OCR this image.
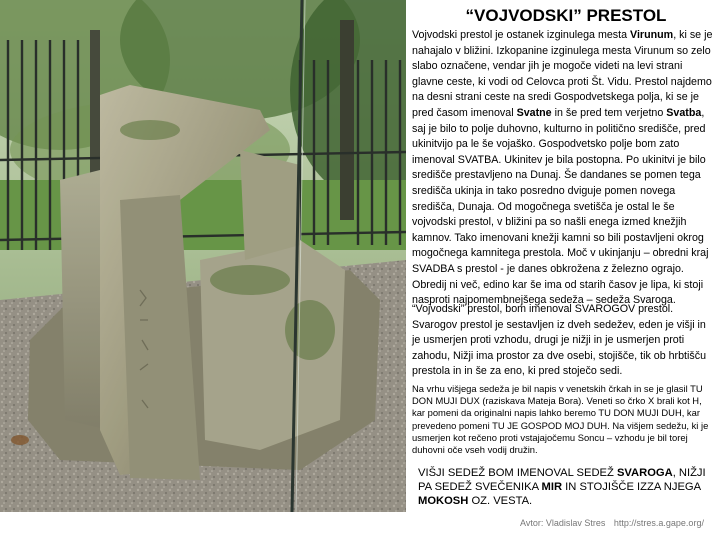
“VOJVODSKI” PRESTOL

Vojvodski prestol je ostanek izginulega mesta Virunum, ki se je nahajalo v bližini. Izkopanine izginulega mesta Virunum so zelo slabo označene, vendar jih je mogoče videti na levi strani glavne ceste, ki vodi od Celovca proti Št. Vidu. Prestol najdemo na desni strani ceste na sredi Gospodvetskega polja, ki se je pred časom imenoval Svatne in še pred tem verjetno Svatba, saj je bilo to polje duhovno, kulturno in politično središče, pred ukinitvijo pa le še vojaško. Gospodvetsko polje bom zato imenoval SVATBA. Ukinitev je bila postopna. Po ukinitvi je bilo središče prestavljeno na Dunaj. Še dandanes se pomen tega središča ukinja in tako posredno dviguje pomen novega središča, Dunaja. Od mogočnega svetišča je ostal le še vojvodski prestol, v bližini pa so našli enega izmed knežjih kamnov. Tako imenovani knežji kamni so bili postavljeni okrog mogočnega kamnitega prestola. Moč v ukinjanju – obredni kraj SVADBA s prestol - je danes obkrožena z železno ograjo. Obredij ni več, edino kar še ima od starih časov je lipa, ki stoji nasproti najpomembnejšega sedeža – sedeža Svaroga.

“Vojvodski” prestol, bom imenoval SVAROGOV prestol. Svarogov prestol je sestavljen iz dveh sedežev, eden je višji in je usmerjen proti vzhodu, drugi je nižji in je usmerjen proti zahodu, Nižji ima prostor za dve osebi, stojišče, tik ob hrbtišču prestola in in še za eno, ki pred stoječo sedi.

Na vrhu višjega sedeža je bil napis v venetskih črkah in se je glasil TU DON MUJI DUX (raziskava Mateja Bora). Veneti so črko X brali kot H, kar pomeni da originalni napis lahko beremo TU DON MUJI DUH, kar prevedeno pomeni TU JE GOSPOD MOJ DUH. Na višjem sedežu, ki je usmerjen kot rečeno proti vstajajočemu Soncu – vzhodu je bil torej duhovni oče vseh vodij družin.

VIŠJI SEDEŽ BOM IMENOVAL SEDEŽ SVAROGA, NIŽJI PA SEDEŽ SVEČENIKA MIR IN STOJIŠČE IZZA NJEGA MOKOSH OZ. VESTA.

Avtor: Vladislav Stres http://stres.a.gape.org/
